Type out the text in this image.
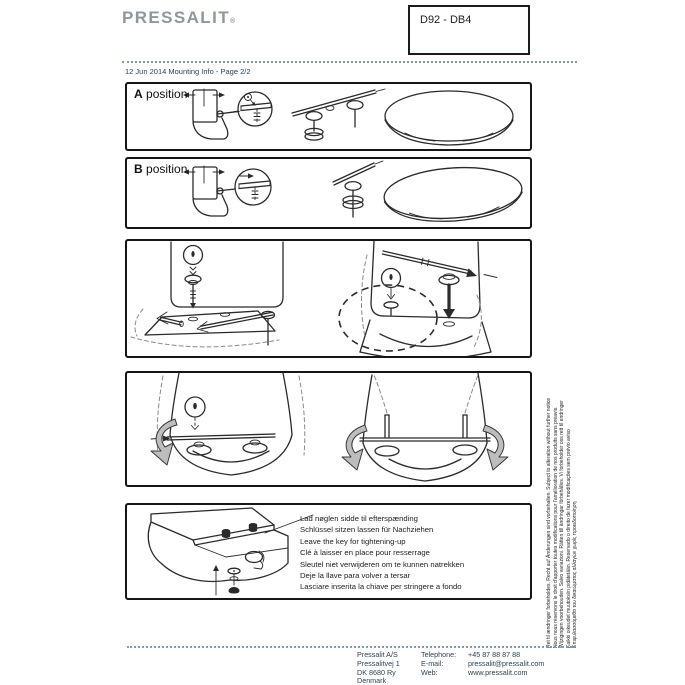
PRESSALIT®	D92 - DB4
12 Jun 2014 Mounting Info - Page 2/2
A position
B position
Lad nøglen sidde til efterspænding
Schlüssel sitzen lassen für Nachziehen
Leave the key for tightening-up
Clé à laisser en place pour resserrage
Sleutel niet verwijderen om te kunnen natrekken
Deje la llave para volver a tersar
Lasciare inserita la chiave per stringere a fondo	Ret til ændringer forbeholdes. Recht auf Änderungen sind vorbehalten. Subject to alteration without further notice Nous nous réservons le droit d'apporter toutes modifications pour l'amélioration de nos produits sans préavis. Wijzigingen voorbehouden. Salvo variazioni. Rätten till ändringar förbehålles. Vi forbeholder oss rett til endringer Kaikki oikeudet muutoksiin pidätetään. Reservado o direito de fazer modificações sem prévio aviso Επιφυλασσόμεθα του δικαιώματος αλλαγών χωρίς προειδοποίηση
Pressalit A/S
Pressalitvej 1
DK 8680 Ry
Denmark
Telephone:
E-mail:
Web:
+45 87 88 87 88
pressalit@pressalit.com
www.pressalit.com
